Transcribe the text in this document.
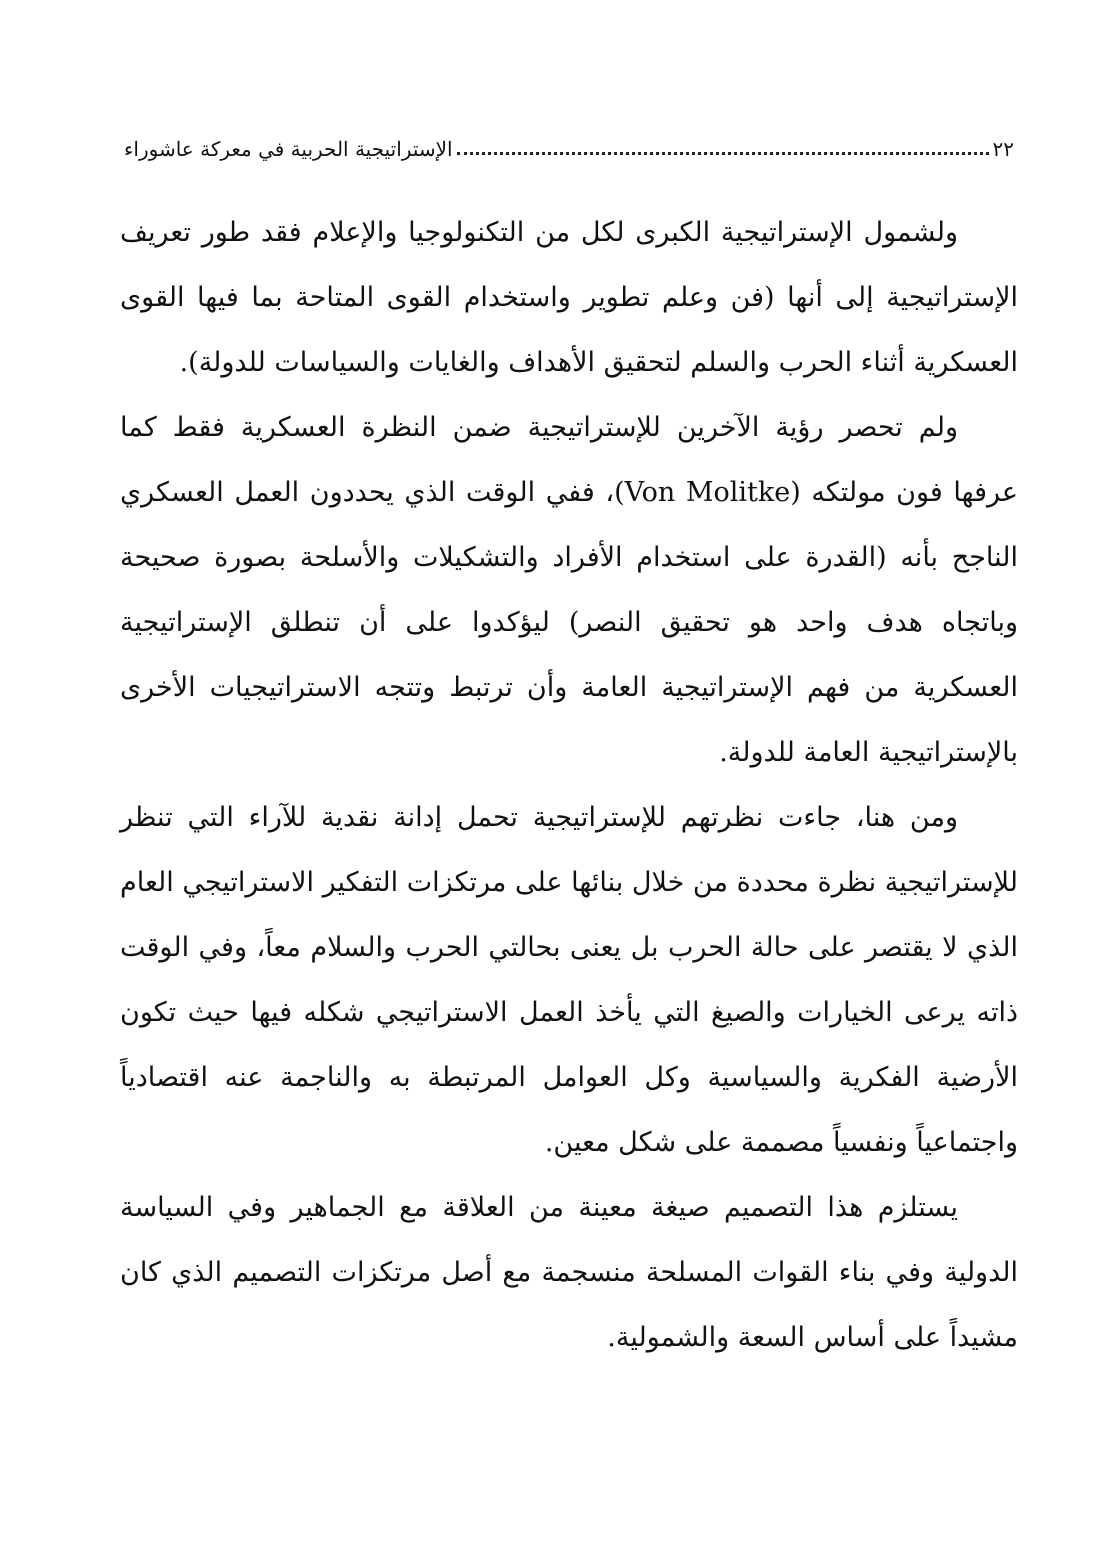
٢٢
الإستراتيجية الحربية في معركة عاشوراء

ولشمول الإستراتيجية الكبرى لكل من التكنولوجيا والإعلام فقد طور تعريف الإستراتيجية إلى أنها (فن وعلم تطوير واستخدام القوى المتاحة بما فيها القوى العسكرية أثناء الحرب والسلم لتحقيق الأهداف والغايات والسياسات للدولة).

ولم تحصر رؤية الآخرين للإستراتيجية ضمن النظرة العسكرية فقط كما عرفها فون مولتكه (Von Molitke)، ففي الوقت الذي يحددون العمل العسكري الناجح بأنه (القدرة على استخدام الأفراد والتشكيلات والأسلحة بصورة صحيحة وباتجاه هدف واحد هو تحقيق النصر) ليؤكدوا على أن تنطلق الإستراتيجية العسكرية من فهم الإستراتيجية العامة وأن ترتبط وتتجه الاستراتيجيات الأخرى بالإستراتيجية العامة للدولة.

ومن هنا، جاءت نظرتهم للإستراتيجية تحمل إدانة نقدية للآراء التي تنظر للإستراتيجية نظرة محددة من خلال بنائها على مرتكزات التفكير الاستراتيجي العام الذي لا يقتصر على حالة الحرب بل يعنى بحالتي الحرب والسلام معاً، وفي الوقت ذاته يرعى الخيارات والصيغ التي يأخذ العمل الاستراتيجي شكله فيها حيث تكون الأرضية الفكرية والسياسية وكل العوامل المرتبطة به والناجمة عنه اقتصادياً واجتماعياً ونفسياً مصممة على شكل معين.

يستلزم هذا التصميم صيغة معينة من العلاقة مع الجماهير وفي السياسة الدولية وفي بناء القوات المسلحة منسجمة مع أصل مرتكزات التصميم الذي كان مشيداً على أساس السعة والشمولية.
